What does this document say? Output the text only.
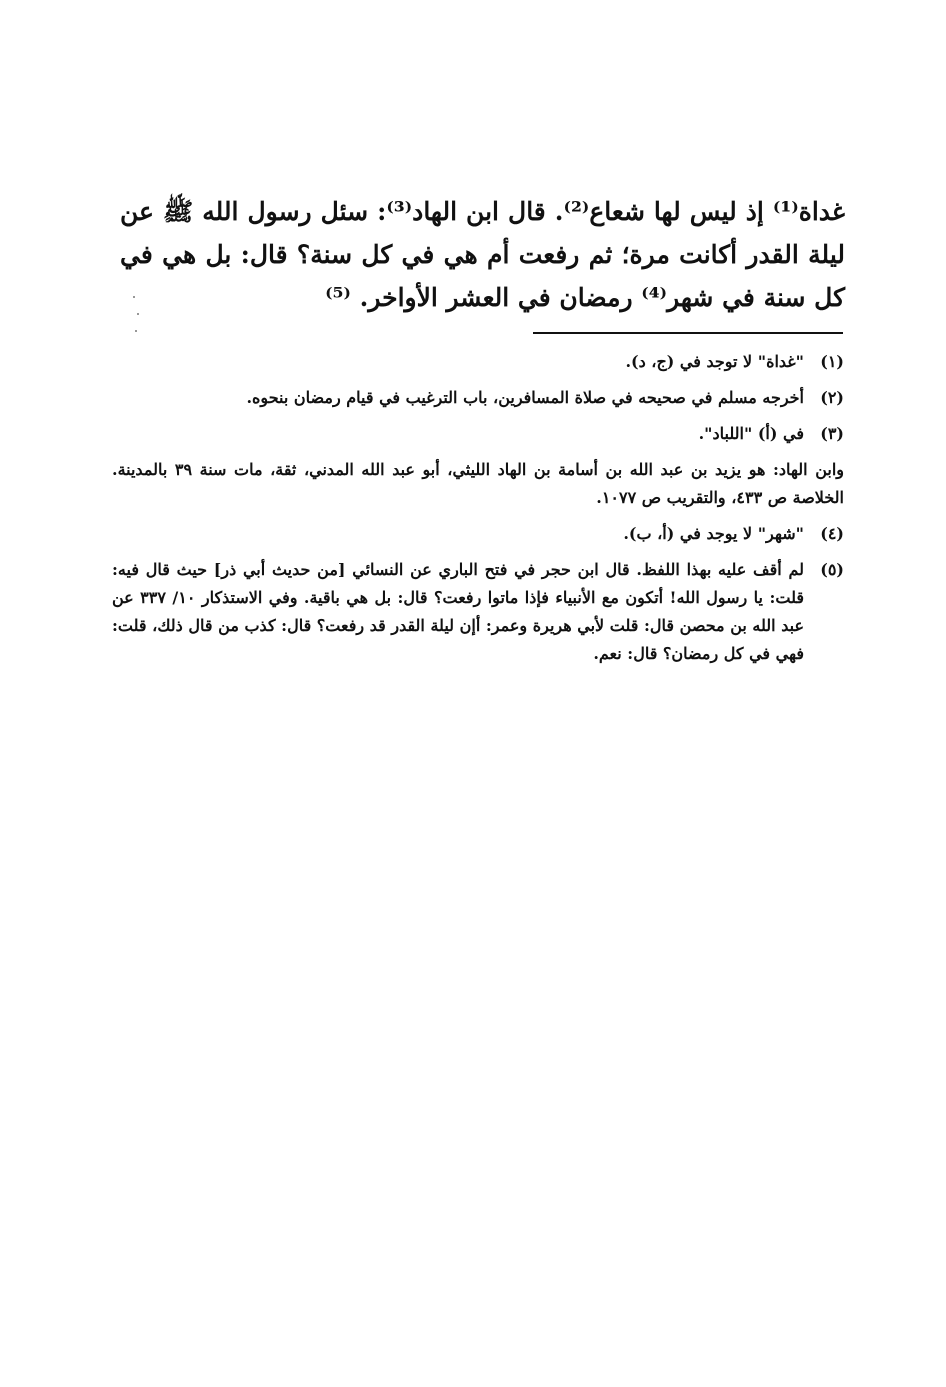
غداة⁽¹⁾ إذ ليس لها شعاع⁽²⁾. قال ابن الهاد⁽³⁾: سئل رسول الله ﷺ عن ليلة القدر أكانت مرة؛ ثم رفعت أم هي في كل سنة؟ قال: بل هي في كل سنة في شهر⁽⁴⁾ رمضان في العشر الأواخر. ⁽⁵⁾

(١)
"غداة" لا توجد في (ج، د).
(٢)
أخرجه مسلم في صحيحه في صلاة المسافرين، باب الترغيب في قيام رمضان بنحوه.
(٣)
في (أ) "اللباد".
وابن الهاد: هو يزيد بن عبد الله بن أسامة بن الهاد الليثي، أبو عبد الله المدني، ثقة، مات سنة ٣٩ بالمدينة. الخلاصة ص ٤٣٣، والتقريب ص ١٠٧٧.
(٤)
"شهر" لا يوجد في (أ، ب).
(٥)
لم أقف عليه بهذا اللفظ. قال ابن حجر في فتح الباري عن النسائي [من حديث أبي ذر] حيث قال فيه: قلت: يا رسول الله! أتكون مع الأنبياء فإذا ماتوا رفعت؟ قال: بل هي باقية. وفي الاستذكار ١٠/ ٣٣٧ عن عبد الله بن محصن قال: قلت لأبي هريرة وعمر: أإن ليلة القدر قد رفعت؟ قال: كذب من قال ذلك، قلت: فهي في كل رمضان؟ قال: نعم.
